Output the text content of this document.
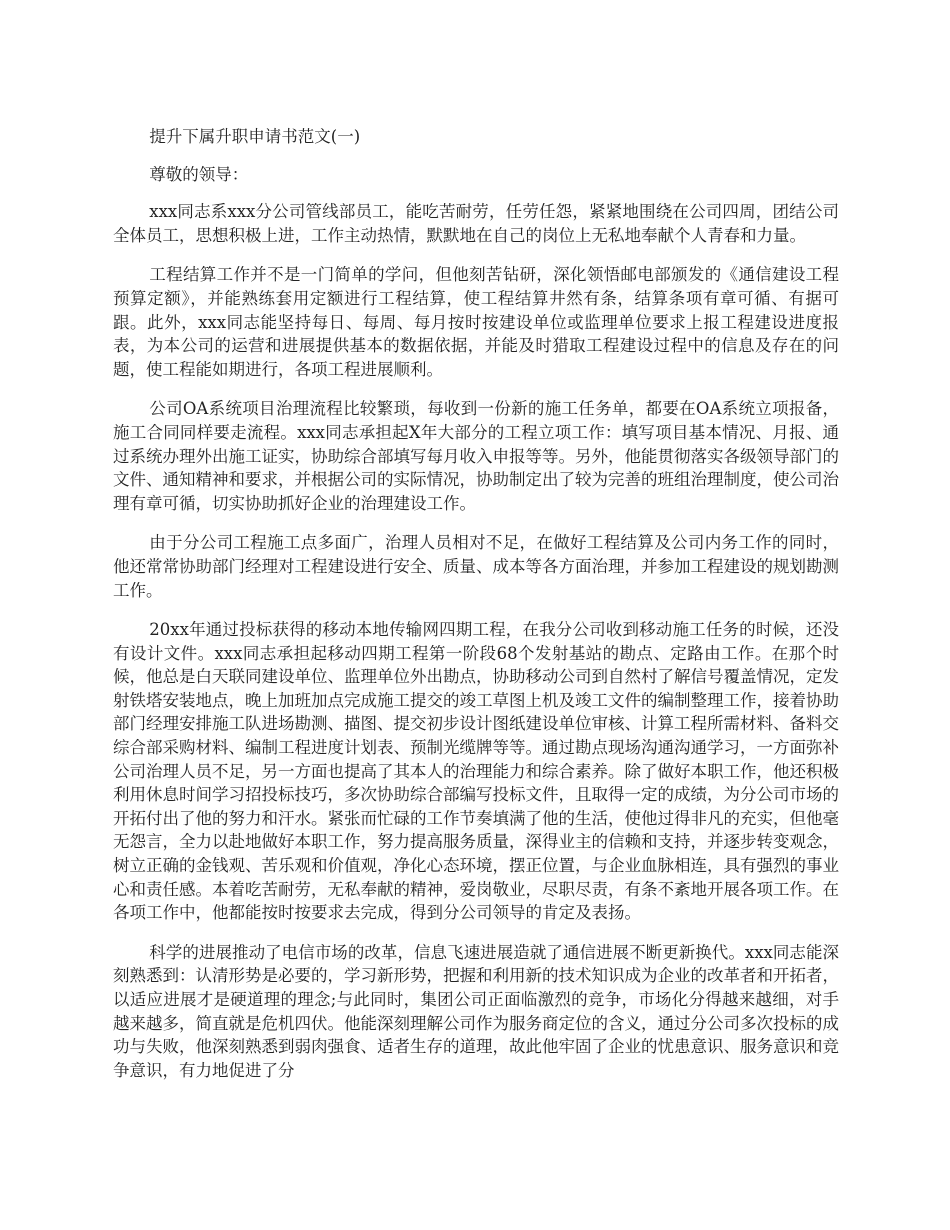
提升下属升职申请书范文(一)

尊敬的领导：

xxx同志系xxx分公司管线部员工，能吃苦耐劳，任劳任怨，紧紧地围绕在公司四周，团结公司全体员工，思想积极上进，工作主动热情，默默地在自己的岗位上无私地奉献个人青春和力量。

工程结算工作并不是一门简单的学问，但他刻苦钻研，深化领悟邮电部颁发的《通信建设工程预算定额》，并能熟练套用定额进行工程结算，使工程结算井然有条，结算条项有章可循、有据可跟。此外，xxx同志能坚持每日、每周、每月按时按建设单位或监理单位要求上报工程建设进度报表，为本公司的运营和进展提供基本的数据依据，并能及时猎取工程建设过程中的信息及存在的问题，使工程能如期进行，各项工程进展顺利。

公司OA系统项目治理流程比较繁琐，每收到一份新的施工任务单，都要在OA系统立项报备，施工合同同样要走流程。xxx同志承担起X年大部分的工程立项工作：填写项目基本情况、月报、通过系统办理外出施工证实，协助综合部填写每月收入申报等等。另外，他能贯彻落实各级领导部门的文件、通知精神和要求，并根据公司的实际情况，协助制定出了较为完善的班组治理制度，使公司治理有章可循，切实协助抓好企业的治理建设工作。

由于分公司工程施工点多面广，治理人员相对不足，在做好工程结算及公司内务工作的同时，他还常常协助部门经理对工程建设进行安全、质量、成本等各方面治理，并参加工程建设的规划勘测工作。

20xx年通过投标获得的移动本地传输网四期工程，在我分公司收到移动施工任务的时候，还没有设计文件。xxx同志承担起移动四期工程第一阶段68个发射基站的勘点、定路由工作。在那个时候，他总是白天联同建设单位、监理单位外出勘点，协助移动公司到自然村了解信号覆盖情况，定发射铁塔安装地点，晚上加班加点完成施工提交的竣工草图上机及竣工文件的编制整理工作，接着协助部门经理安排施工队进场勘测、描图、提交初步设计图纸建设单位审核、计算工程所需材料、备料交综合部采购材料、编制工程进度计划表、预制光缆牌等等。通过勘点现场沟通沟通学习，一方面弥补公司治理人员不足，另一方面也提高了其本人的治理能力和综合素养。除了做好本职工作，他还积极利用休息时间学习招投标技巧，多次协助综合部编写投标文件，且取得一定的成绩，为分公司市场的开拓付出了他的努力和汗水。紧张而忙碌的工作节奏填满了他的生活，使他过得非凡的充实，但他毫无怨言，全力以赴地做好本职工作，努力提高服务质量，深得业主的信赖和支持，并逐步转变观念，树立正确的金钱观、苦乐观和价值观，净化心态环境，摆正位置，与企业血脉相连，具有强烈的事业心和责任感。本着吃苦耐劳，无私奉献的精神，爱岗敬业，尽职尽责，有条不紊地开展各项工作。在各项工作中，他都能按时按要求去完成，得到分公司领导的肯定及表扬。

科学的进展推动了电信市场的改革，信息飞速进展造就了通信进展不断更新换代。xxx同志能深刻熟悉到：认清形势是必要的，学习新形势，把握和利用新的技术知识成为企业的改革者和开拓者，以适应进展才是硬道理的理念;与此同时，集团公司正面临激烈的竞争，市场化分得越来越细，对手越来越多，简直就是危机四伏。他能深刻理解公司作为服务商定位的含义，通过分公司多次投标的成功与失败，他深刻熟悉到弱肉强食、适者生存的道理，故此他牢固了企业的忧患意识、服务意识和竞争意识，有力地促进了分
